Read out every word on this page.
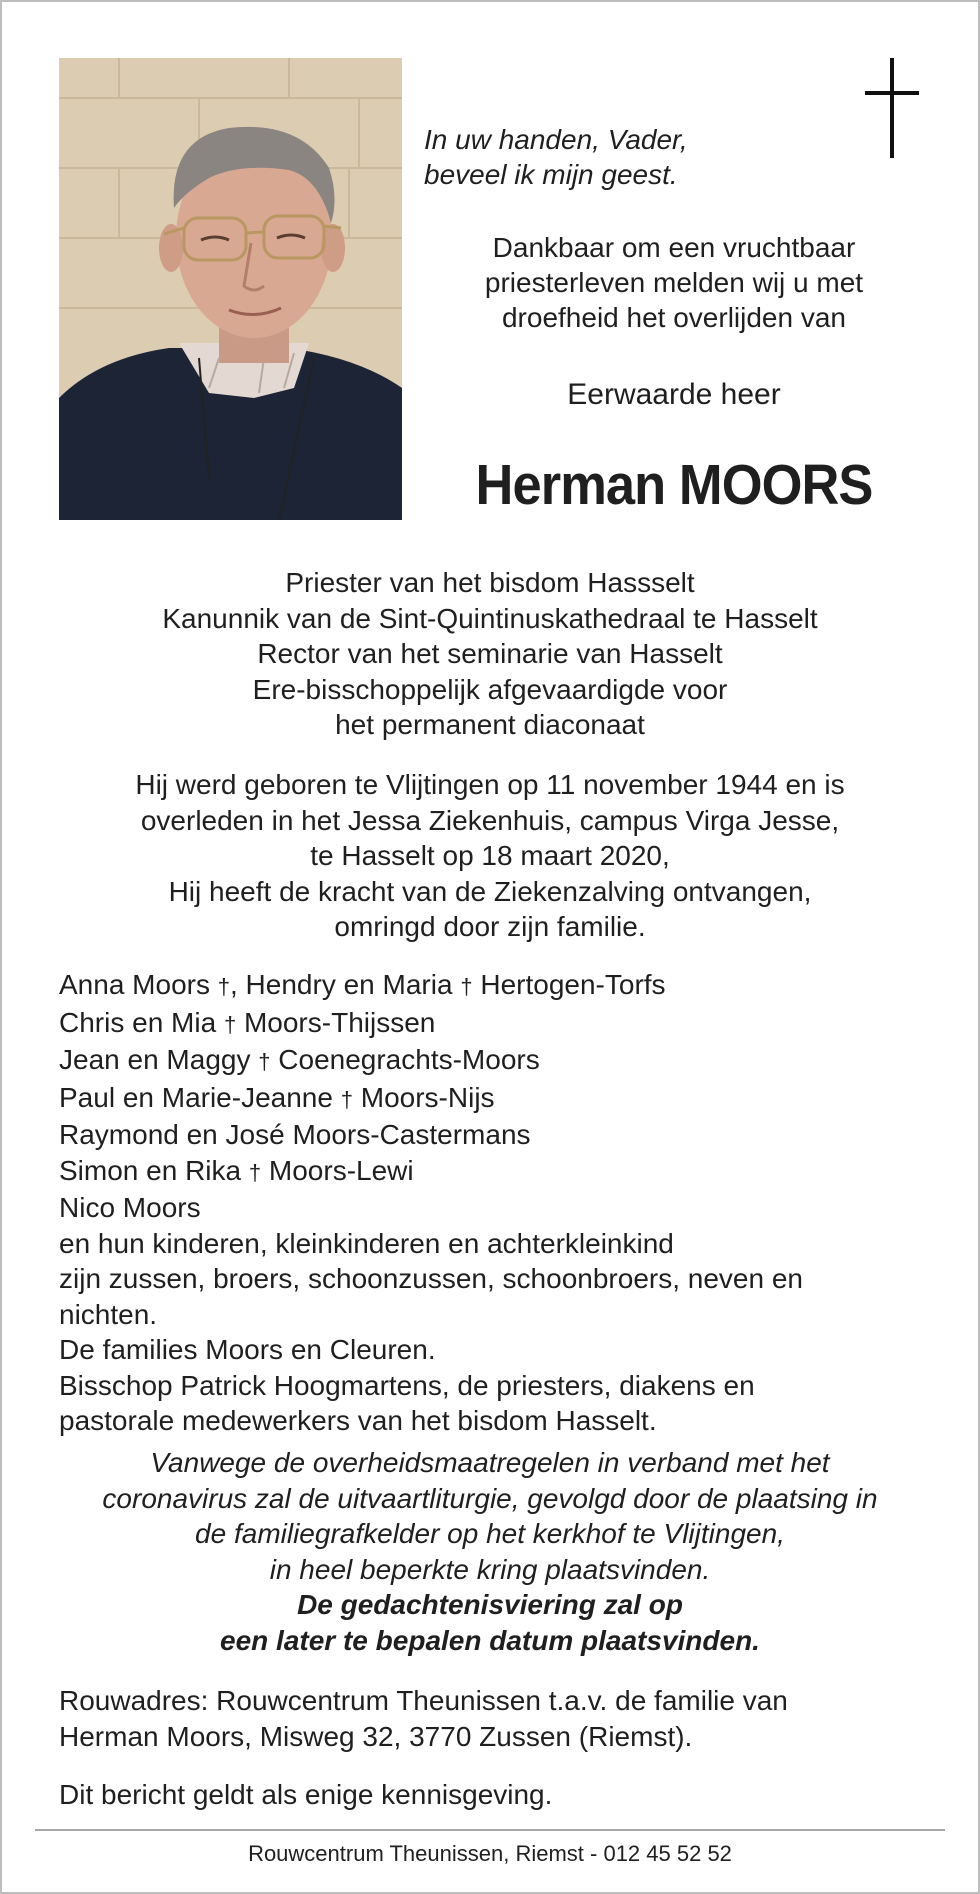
In uw handen, Vader,
beveel ik mijn geest.
Dankbaar om een vruchtbaar
priesterleven melden wij u met
droefheid het overlijden van
Eerwaarde heer
Herman MOORS
Priester van het bisdom Hassselt
Kanunnik van de Sint-Quintinuskathedraal te Hasselt
Rector van het seminarie van Hasselt
Ere-bisschoppelijk afgevaardigde voor
het permanent diaconaat
Hij werd geboren te Vlijtingen op 11 november 1944 en is
overleden in het Jessa Ziekenhuis, campus Virga Jesse,
te Hasselt op 18 maart 2020,
Hij heeft de kracht van de Ziekenzalving ontvangen,
omringd door zijn familie.
Anna Moors †, Hendry en Maria † Hertogen-Torfs
Chris en Mia † Moors-Thijssen
Jean en Maggy † Coenegrachts-Moors
Paul en Marie-Jeanne † Moors-Nijs
Raymond en José Moors-Castermans
Simon en Rika † Moors-Lewi
Nico Moors
en hun kinderen, kleinkinderen en achterkleinkind
zijn zussen, broers, schoonzussen, schoonbroers, neven en
nichten.
De families Moors en Cleuren.
Bisschop Patrick Hoogmartens, de priesters, diakens en
pastorale medewerkers van het bisdom Hasselt.
Vanwege de overheidsmaatregelen in verband met het
coronavirus zal de uitvaartliturgie, gevolgd door de plaatsing in
de familiegrafkelder op het kerkhof te Vlijtingen,
in heel beperkte kring plaatsvinden.
De gedachtenisviering zal op
een later te bepalen datum plaatsvinden.
Rouwadres: Rouwcentrum Theunissen t.a.v. de familie van
Herman Moors, Misweg 32, 3770 Zussen (Riemst).
Dit bericht geldt als enige kennisgeving.
Rouwcentrum Theunissen, Riemst - 012 45 52 52
